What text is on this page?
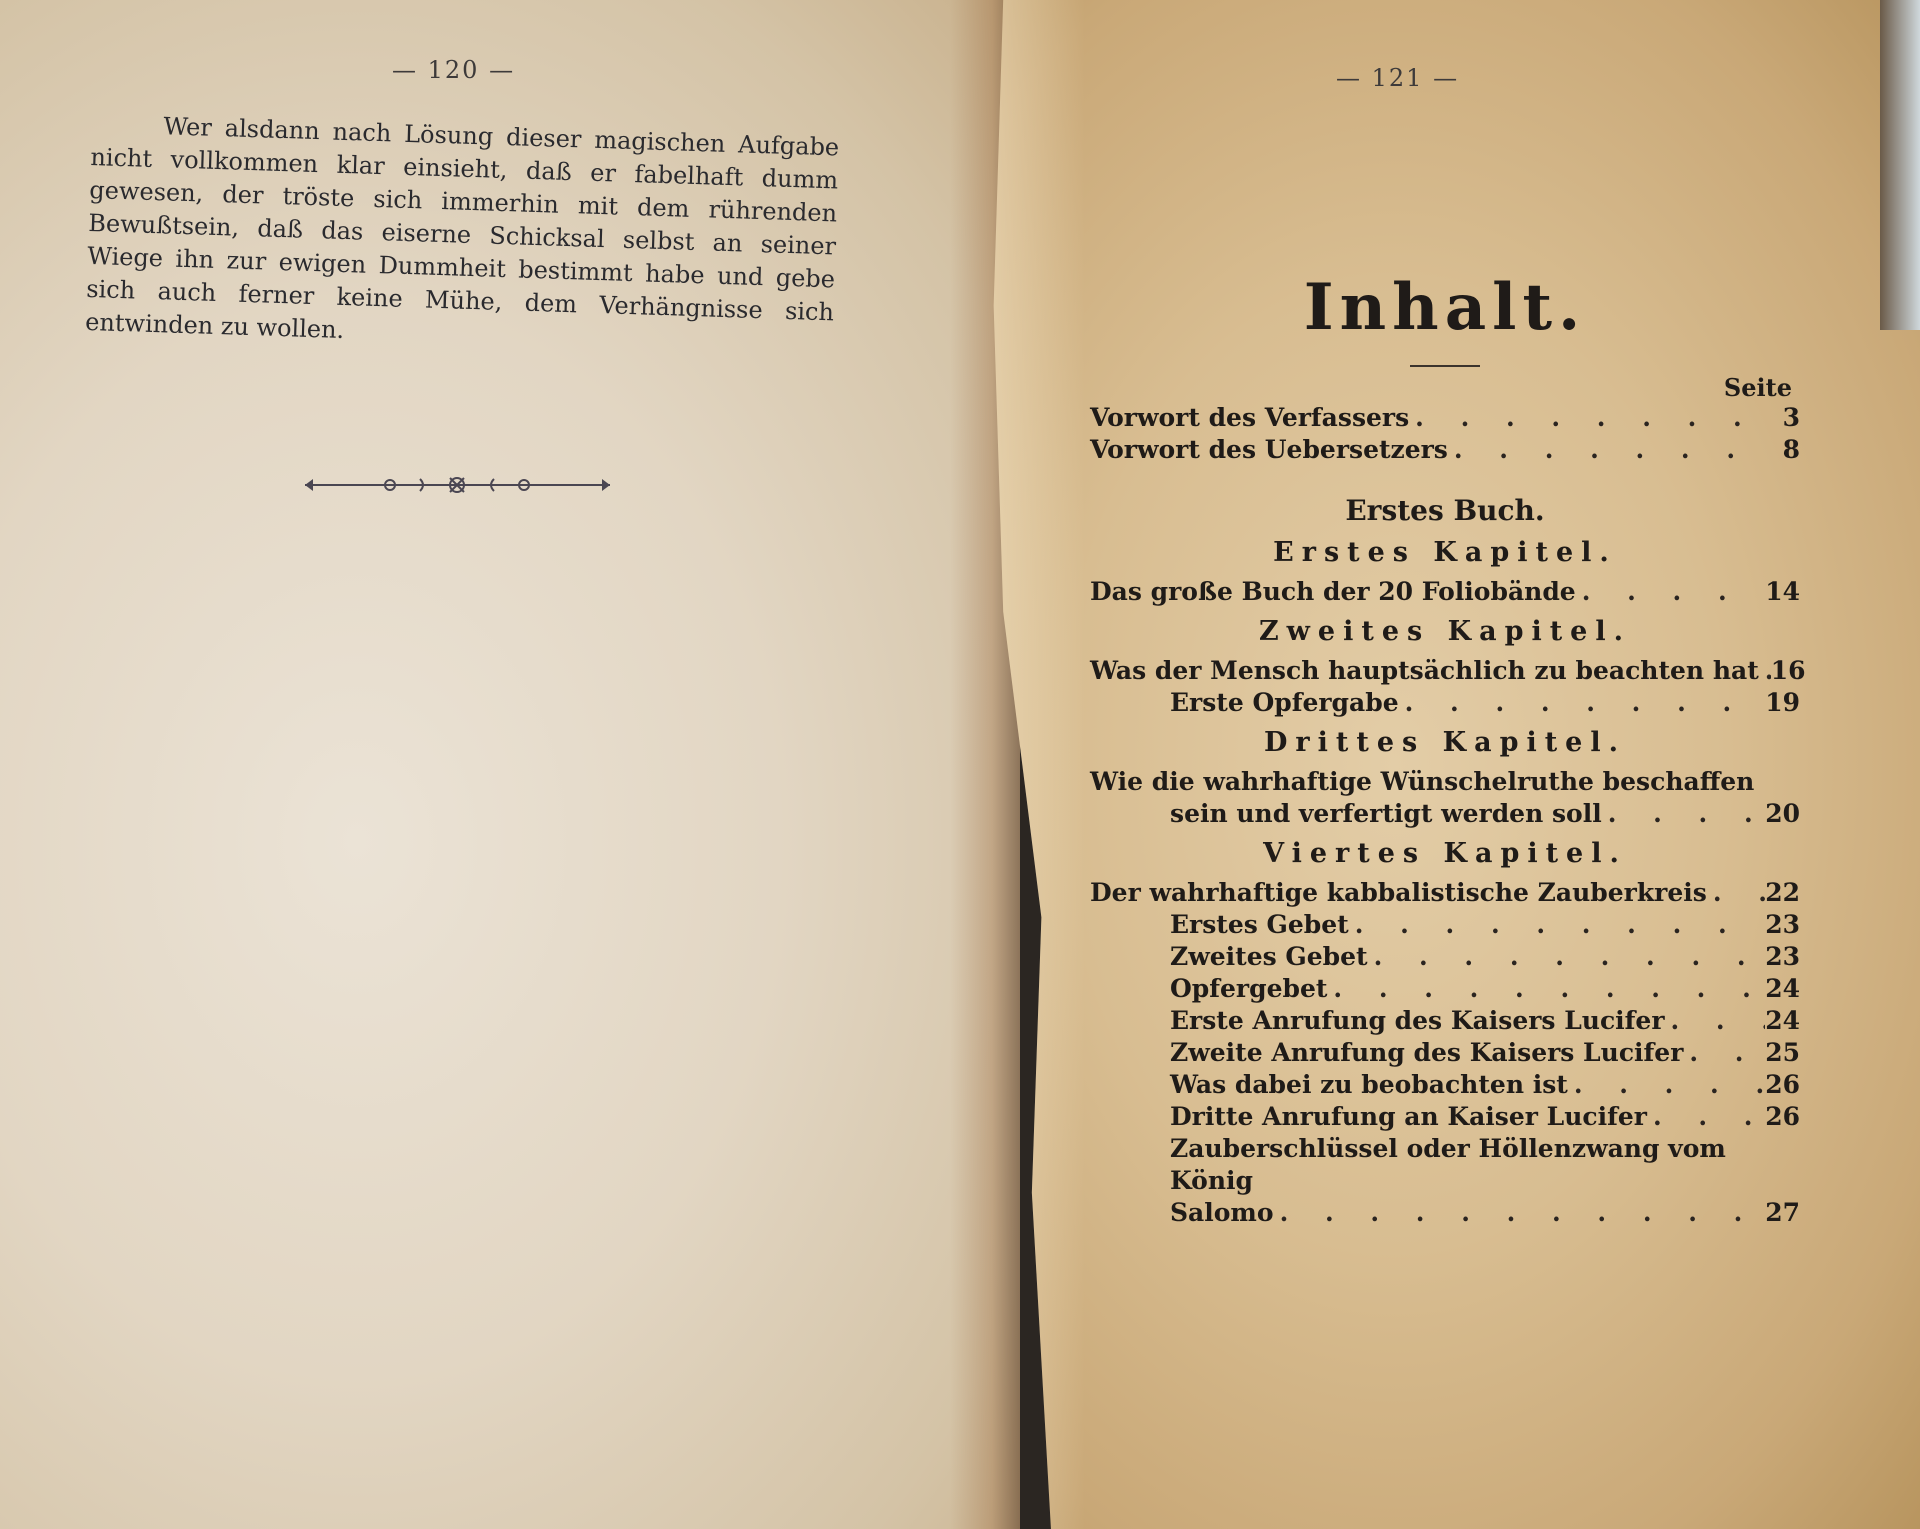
— 120 —
Wer alsdann nach Lösung dieser magischen Aufgabe nicht vollkommen klar einsieht, daß er fabelhaft dumm gewesen, der tröste sich immerhin mit dem rührenden Bewußtsein, daß das eiserne Schicksal selbst an seiner Wiege ihn zur ewigen Dummheit bestimmt habe und gebe sich auch ferner keine Mühe, dem Verhängnisse sich entwinden zu wollen.
— 121 —
Inhalt.
Seite
Vorwort des Verfassers . . .	3
Vorwort des Uebersetzers . . .	8
Erstes Buch.
Erstes Kapitel.
Das große Buch der 20 Foliobände . . .	14
Zweites Kapitel.
Was der Mensch hauptsächlich zu beachten hat . . . 16
Erste Opfergabe . . .	19
Drittes Kapitel.
Wie die wahrhaftige Wünschelruthe beschaffen
sein und verfertigt werden soll . . .	20
Viertes Kapitel.
Der wahrhaftige kabbalistische Zauberkreis . . . 22
Erstes Gebet . . .	23
Zweites Gebet . . .	23
Opfergebet . . .	24
Erste Anrufung des Kaisers Lucifer . . .	24
Zweite Anrufung des Kaisers Lucifer . . .	25
Was dabei zu beobachten ist . . .	26
Dritte Anrufung an Kaiser Lucifer . . .	26
Zauberschlüssel oder Höllenzwang vom König
Salomo . . .	27
